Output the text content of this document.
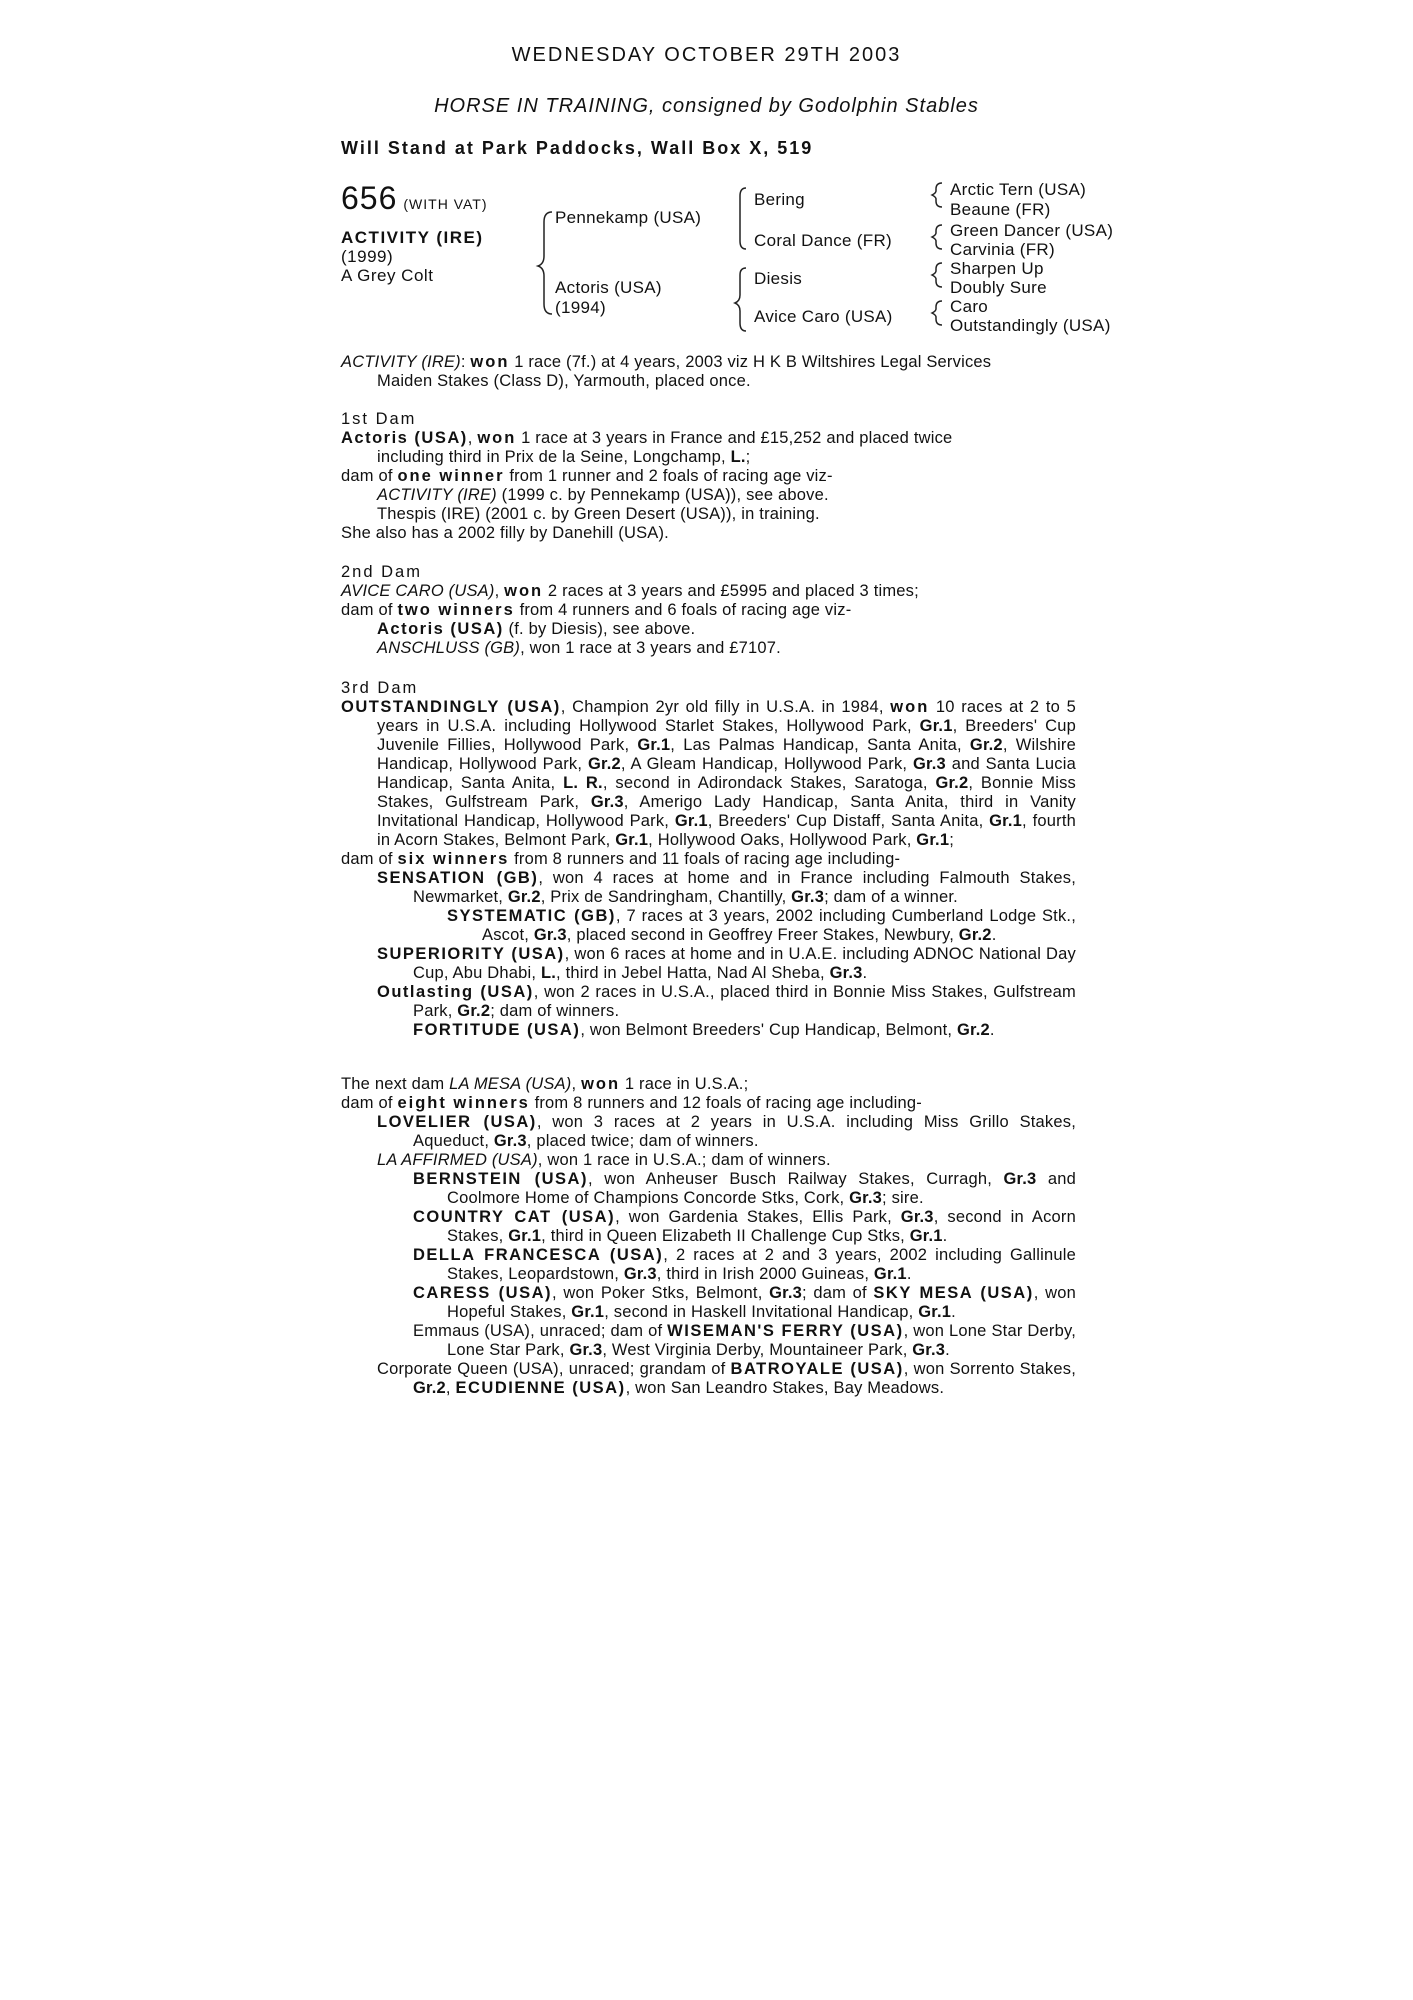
WEDNESDAY OCTOBER 29TH 2003
HORSE IN TRAINING, consigned by Godolphin Stables
Will Stand at Park Paddocks, Wall Box X, 519
656 (WITH VAT)
ACTIVITY (IRE)
(1999)
A Grey Colt
Pennekamp (USA)
Actoris (USA)
(1994)
Bering
Coral Dance (FR)
Diesis
Avice Caro (USA)
Arctic Tern (USA)
Beaune (FR)
Green Dancer (USA)
Carvinia (FR)
Sharpen Up
Doubly Sure
Caro
Outstandingly (USA)

ACTIVITY (IRE): won 1 race (7f.) at 4 years, 2003 viz H K B Wiltshires Legal Services

Maiden Stakes (Class D), Yarmouth, placed once.

1st Dam

Actoris (USA), won 1 race at 3 years in France and £15,252 and placed twice

including third in Prix de la Seine, Longchamp, L.;

dam of one winner from 1 runner and 2 foals of racing age viz-

ACTIVITY (IRE) (1999 c. by Pennekamp (USA)), see above.

Thespis (IRE) (2001 c. by Green Desert (USA)), in training.

She also has a 2002 filly by Danehill (USA).

2nd Dam

AVICE CARO (USA), won 2 races at 3 years and £5995 and placed 3 times;

dam of two winners from 4 runners and 6 foals of racing age viz-

Actoris (USA) (f. by Diesis), see above.

ANSCHLUSS (GB), won 1 race at 3 years and £7107.

3rd Dam

OUTSTANDINGLY (USA), Champion 2yr old filly in U.S.A. in 1984, won 10 races at 2 to 5 years in U.S.A. including Hollywood Starlet Stakes, Hollywood Park, Gr.1, Breeders' Cup Juvenile Fillies, Hollywood Park, Gr.1, Las Palmas Handicap, Santa Anita, Gr.2, Wilshire Handicap, Hollywood Park, Gr.2, A Gleam Handicap, Hollywood Park, Gr.3 and Santa Lucia Handicap, Santa Anita, L. R., second in Adirondack Stakes, Saratoga, Gr.2, Bonnie Miss Stakes, Gulfstream Park, Gr.3, Amerigo Lady Handicap, Santa Anita, third in Vanity Invitational Handicap, Hollywood Park, Gr.1, Breeders' Cup Distaff, Santa Anita, Gr.1, fourth in Acorn Stakes, Belmont Park, Gr.1, Hollywood Oaks, Hollywood Park, Gr.1;

dam of six winners from 8 runners and 11 foals of racing age including-

SENSATION (GB), won 4 races at home and in France including Falmouth Stakes, Newmarket, Gr.2, Prix de Sandringham, Chantilly, Gr.3; dam of a winner.

SYSTEMATIC (GB), 7 races at 3 years, 2002 including Cumberland Lodge Stk., Ascot, Gr.3, placed second in Geoffrey Freer Stakes, Newbury, Gr.2.

SUPERIORITY (USA), won 6 races at home and in U.A.E. including ADNOC National Day Cup, Abu Dhabi, L., third in Jebel Hatta, Nad Al Sheba, Gr.3.

Outlasting (USA), won 2 races in U.S.A., placed third in Bonnie Miss Stakes, Gulfstream Park, Gr.2; dam of winners.

FORTITUDE (USA), won Belmont Breeders' Cup Handicap, Belmont, Gr.2.

The next dam LA MESA (USA), won 1 race in U.S.A.;

dam of eight winners from 8 runners and 12 foals of racing age including-

LOVELIER (USA), won 3 races at 2 years in U.S.A. including Miss Grillo Stakes, Aqueduct, Gr.3, placed twice; dam of winners.

LA AFFIRMED (USA), won 1 race in U.S.A.; dam of winners.

BERNSTEIN (USA), won Anheuser Busch Railway Stakes, Curragh, Gr.3 and Coolmore Home of Champions Concorde Stks, Cork, Gr.3; sire.

COUNTRY CAT (USA), won Gardenia Stakes, Ellis Park, Gr.3, second in Acorn Stakes, Gr.1, third in Queen Elizabeth II Challenge Cup Stks, Gr.1.

DELLA FRANCESCA (USA), 2 races at 2 and 3 years, 2002 including Gallinule Stakes, Leopardstown, Gr.3, third in Irish 2000 Guineas, Gr.1.

CARESS (USA), won Poker Stks, Belmont, Gr.3; dam of SKY MESA (USA), won Hopeful Stakes, Gr.1, second in Haskell Invitational Handicap, Gr.1.

Emmaus (USA), unraced; dam of WISEMAN'S FERRY (USA), won Lone Star Derby, Lone Star Park, Gr.3, West Virginia Derby, Mountaineer Park, Gr.3.

Corporate Queen (USA), unraced; grandam of BATROYALE (USA), won Sorrento Stakes, Gr.2, ECUDIENNE (USA), won San Leandro Stakes, Bay Meadows.
